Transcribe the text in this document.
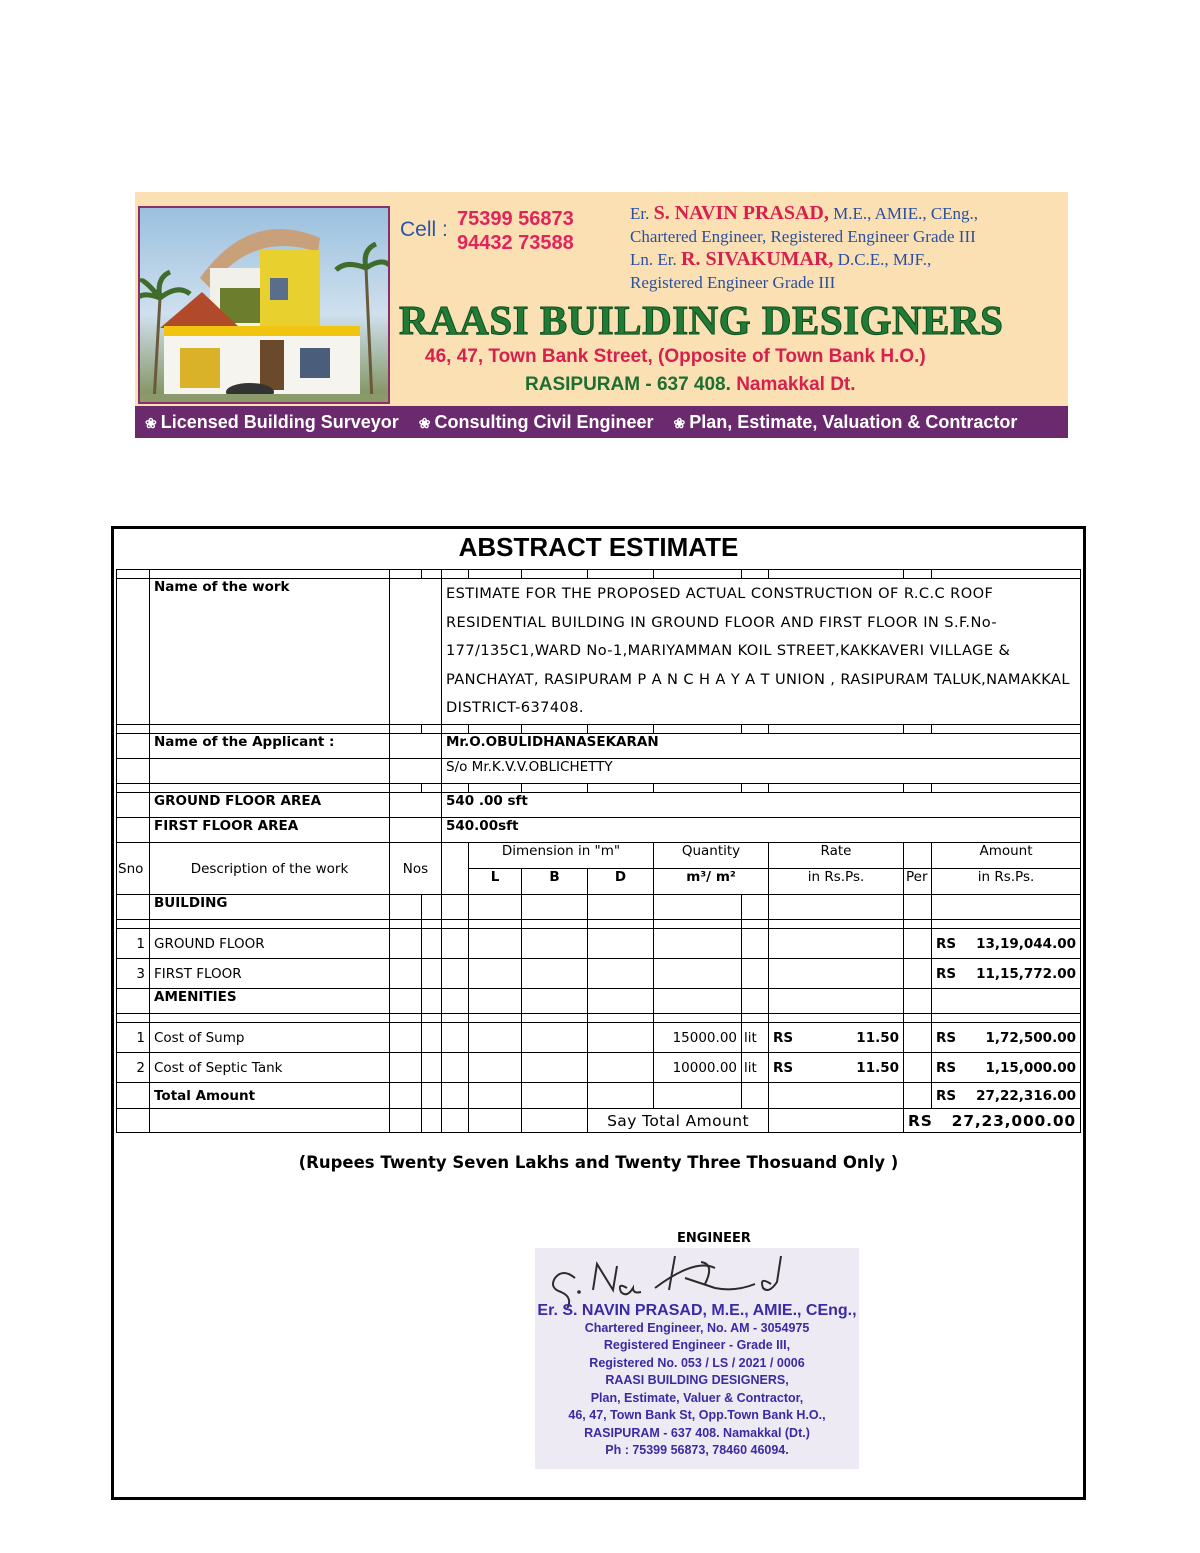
Cell : 75399 56873
94432 73588
Er. S. NAVIN PRASAD, M.E., AMIE., CEng.,
Chartered Engineer, Registered Engineer Grade III
Ln. Er. R. SIVAKUMAR, D.C.E., MJF.,
Registered Engineer Grade III
RAASI BUILDING DESIGNERS
46, 47, Town Bank Street, (Opposite of Town Bank H.O.)
RASIPURAM - 637 408. Namakkal Dt.
❀ Licensed Building Surveyor ❀ Consulting Civil Engineer ❀ Plan, Estimate, Valuation & Contractor
ABSTRACT ESTIMATE

	Name of the work			ESTIMATE FOR THE PROPOSED ACTUAL CONSTRUCTION OF R.C.C ROOF RESIDENTIAL BUILDING IN GROUND FLOOR AND FIRST FLOOR IN S.F.No-177/135C1,WARD No-1,MARIYAMMAN KOIL STREET,KAKKAVERI VILLAGE & PANCHAYAT, RASIPURAM P A N C H A Y A T UNION , RASIPURAM TALUK,NAMAKKAL DISTRICT-637408.								

	Name of the Applicant :			Mr.O.OBULIDHANASEKARAN								
				S/o Mr.K.V.V.OBLICHETTY								

	GROUND FLOOR AREA			540 .00 sft								
	FIRST FLOOR AREA			540.00sft								
Sno	Description of the work	Nos			Dimension in "m"			Quantity		Rate		Amount
					L	B	D	m³/ m²		in Rs.Ps.	Per	in Rs.Ps.
	BUILDING											

1	GROUND FLOOR											RS 13,19,044.00

3	FIRST FLOOR											RS 11,15,772.00

	AMENITIES											

1	Cost of Sump							15000.00	lit	RS 11.50		RS 1,72,500.00

2	Cost of Septic Tank							10000.00	lit	RS 11.50		RS 1,15,000.00

	Total Amount											RS 27,22,316.00

							Say Total Amount				RS 27,23,000.00	
(Rupees Twenty Seven Lakhs and Twenty Three Thosuand Only )
ENGINEER
Er. S. NAVIN PRASAD, M.E., AMIE., CEng.,
Chartered Engineer, No. AM - 3054975
Registered Engineer - Grade III,
Registered No. 053 / LS / 2021 / 0006
RAASI BUILDING DESIGNERS,
Plan, Estimate, Valuer & Contractor,
46, 47, Town Bank St, Opp.Town Bank H.O.,
RASIPURAM - 637 408. Namakkal (Dt.)
Ph : 75399 56873, 78460 46094.
